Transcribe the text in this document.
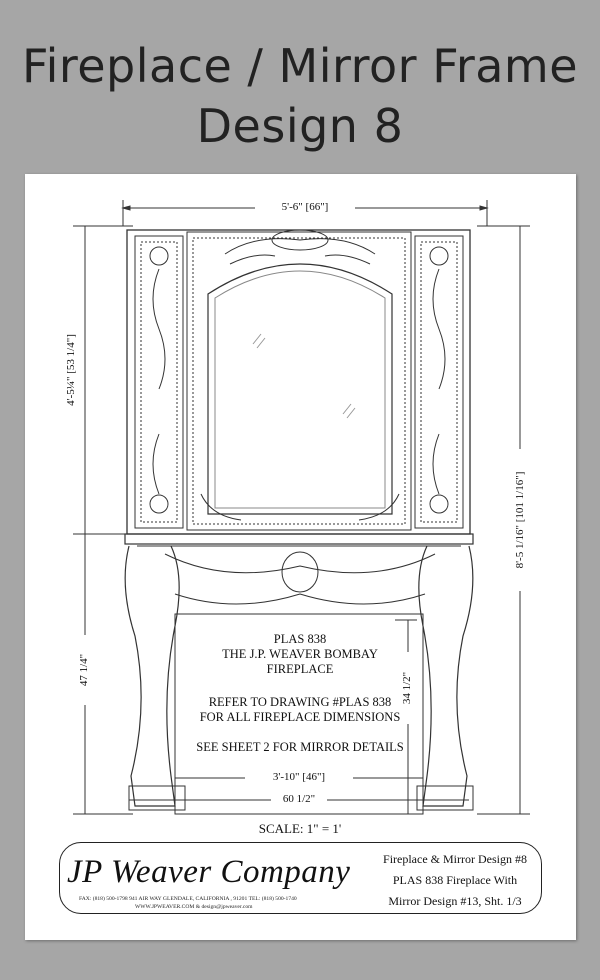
Fireplace / Mirror Frame
Design 8
5'-6" [66"]
4'-5¼" [53 1/4"]
8'-5 1/16" [101 1/16"]
47 1/4"
34 1/2"
3'-10" [46"]
60 1/2"
PLAS 838
THE J.P. WEAVER BOMBAY
FIREPLACE
REFER TO DRAWING #PLAS 838
FOR ALL FIREPLACE DIMENSIONS
SEE SHEET 2 FOR MIRROR DETAILS
SCALE: 1" = 1'
JP Weaver Company
FAX: (818) 500-1798 941 AIR WAY GLENDALE, CALIFORNIA , 91201 TEL: (818) 500-1740
WWW.JPWEAVER.COM & design@jpweaver.com
Fireplace & Mirror Design #8
PLAS 838 Fireplace With
Mirror Design #13, Sht. 1/3
